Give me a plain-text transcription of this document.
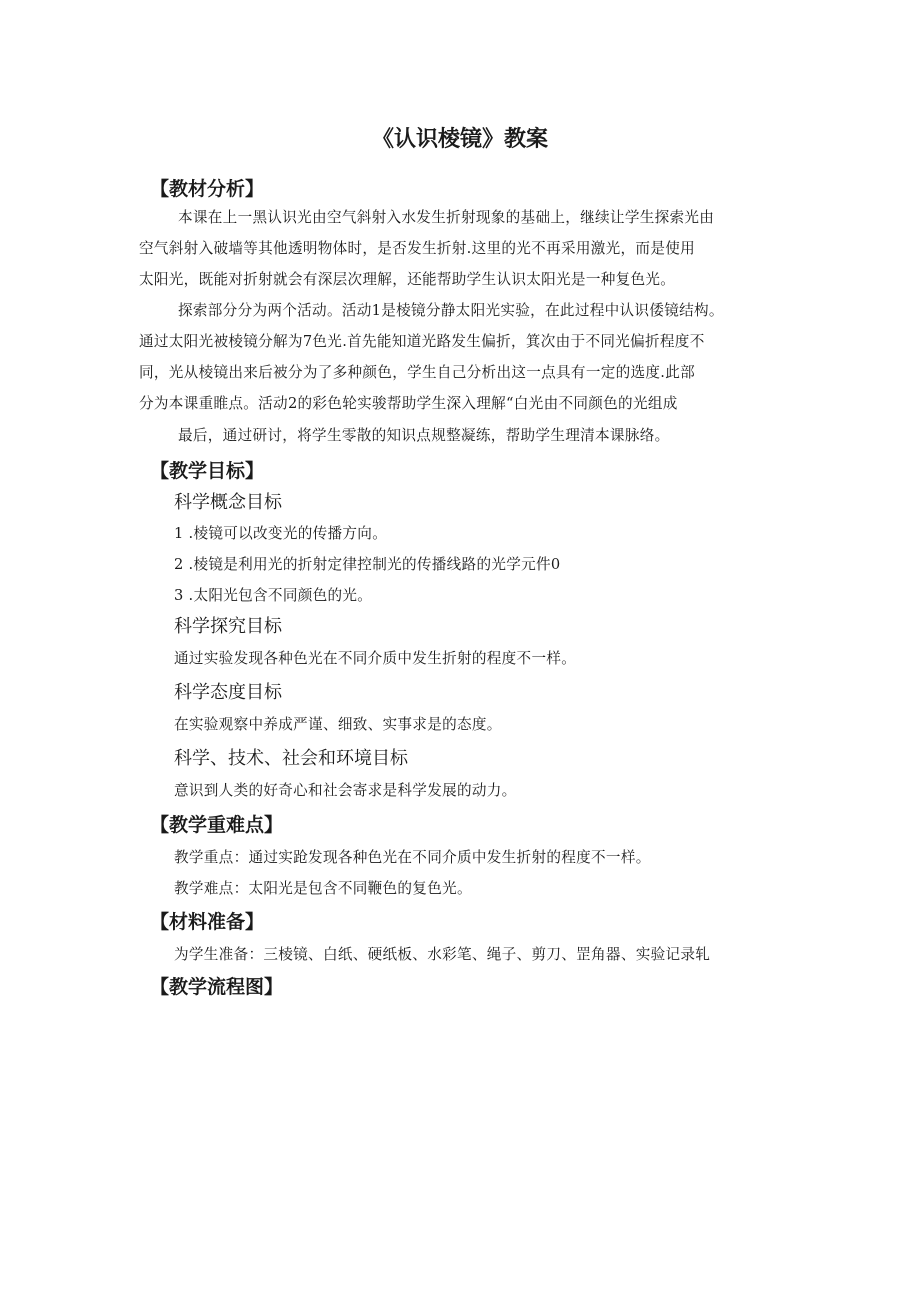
《认识棱镜》教案
【教材分析】
本课在上一黑认识光由空气斜射入水发生折射现象的基础上，继续让学生探索光由
空气斜射入破墙等其他透明物体时，是否发生折射.这里的光不再采用激光，而是使用
太阳光，既能对折射就会有深层次理解，还能帮助学生认识太阳光是一种复色光。
探索部分分为两个活动。活动1是棱镜分静太阳光实验，在此过程中认识倭镜结构。
通过太阳光被棱镜分解为7色光.首先能知道光路发生偏折，箕次由于不同光偏折程度不
同，光从棱镜出来后被分为了多种颜色，学生自己分析出这一点具有一定的选度.此部
分为本课重睢点。活动2的彩色轮实骏帮助学生深入理解“白光由不同颜色的光组成
最后，通过研讨，将学生零散的知识点规整凝练，帮助学生理清本课脉络。
【教学目标】
科学概念目标
1 .棱镜可以改变光的传播方向。
2 .棱镜是利用光的折射定律控制光的传播线路的光学元件0
3 .太阳光包含不同颜色的光。
科学探究目标
通过实验发现各种色光在不同介质中发生折射的程度不一样。
科学态度目标
在实验观察中养成严谨、细致、实事求是的态度。
科学、技术、社会和环境目标
意识到人类的好奇心和社会寄求是科学发展的动力。
【教学重难点】
教学重点：通过实跄发现各种色光在不同介质中发生折射的程度不一样。
教学难点：太阳光是包含不同鞭色的复色光。
【材料准备】
为学生准备：三棱镜、白纸、硬纸板、水彩笔、绳子、剪刀、罡角器、实验记录轧
【教学流程图】
